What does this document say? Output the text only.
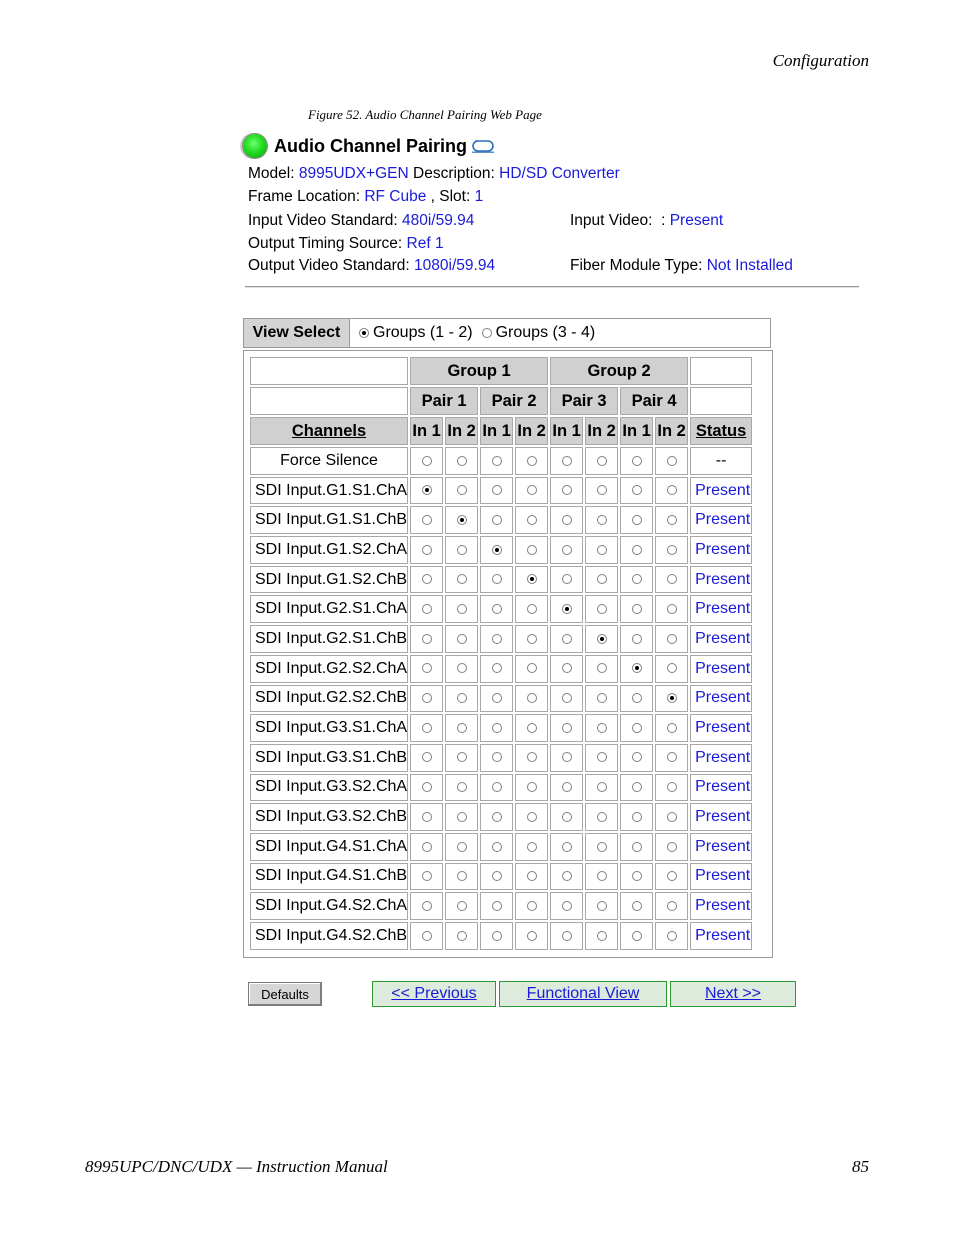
Configuration
Figure 52. Audio Channel Pairing Web Page
Audio Channel Pairing
Model: 8995UDX+GEN Description: HD/SD Converter
Frame Location: RF Cube , Slot: 1
Input Video Standard: 480i/59.94	Input Video: : Present
Output Timing Source: Ref 1
Output Video Standard: 1080i/59.94	Fiber Module Type: Not Installed
View Select	Groups (1 - 2) Groups (3 - 4)
	Group 1				Group 2				
	Pair 1		Pair 2		Pair 3		Pair 4		
Channels	In 1	In 2	In 1	In 2	In 1	In 2	In 1	In 2	Status
Force Silence									--
SDI Input.G1.S1.ChA									Present
SDI Input.G1.S1.ChB									Present
SDI Input.G1.S2.ChA									Present
SDI Input.G1.S2.ChB									Present
SDI Input.G2.S1.ChA									Present
SDI Input.G2.S1.ChB									Present
SDI Input.G2.S2.ChA									Present
SDI Input.G2.S2.ChB									Present
SDI Input.G3.S1.ChA									Present
SDI Input.G3.S1.ChB									Present
SDI Input.G3.S2.ChA									Present
SDI Input.G3.S2.ChB									Present
SDI Input.G4.S1.ChA									Present
SDI Input.G4.S1.ChB									Present
SDI Input.G4.S2.ChA									Present
SDI Input.G4.S2.ChB									Present
Defaults	<< Previous	Functional View	Next >>
8995UPC/DNC/UDX — Instruction Manual	85
